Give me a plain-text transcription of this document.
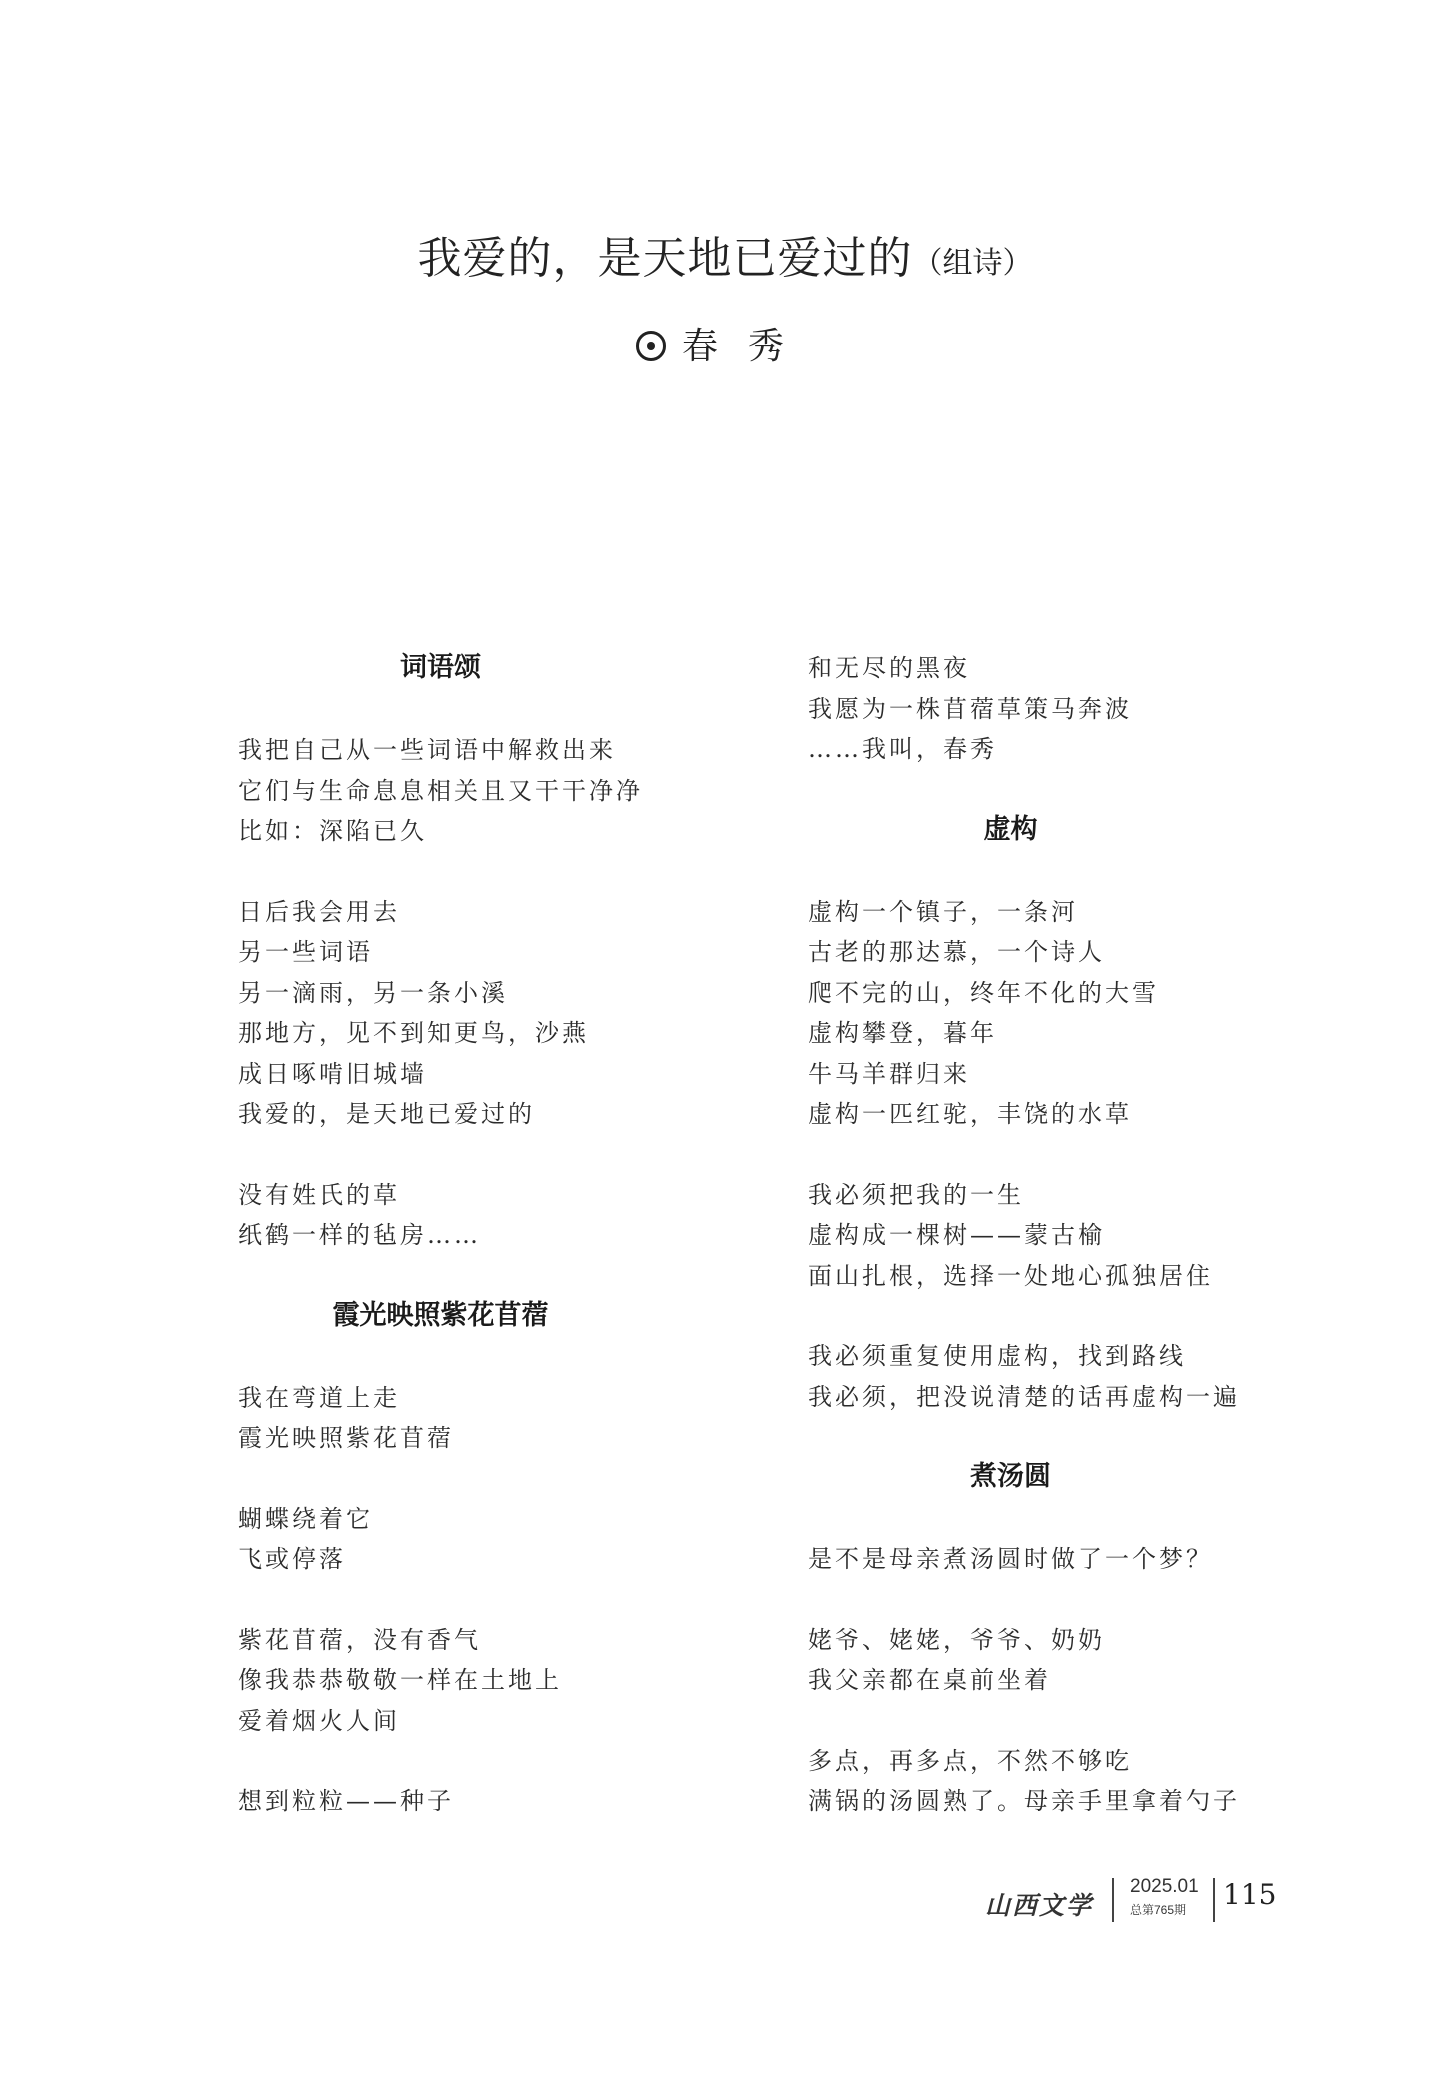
我爱的，是天地已爱过的（组诗）
春秀
词语颂
我把自己从一些词语中解救出来
它们与生命息息相关且又干干净净
比如：深陷已久
日后我会用去
另一些词语
另一滴雨，另一条小溪
那地方，见不到知更鸟，沙燕
成日啄啃旧城墙
我爱的，是天地已爱过的
没有姓氏的草
纸鹤一样的毡房……
霞光映照紫花苜蓿
我在弯道上走
霞光映照紫花苜蓿
蝴蝶绕着它
飞或停落
紫花苜蓿，没有香气
像我恭恭敬敬一样在土地上
爱着烟火人间
想到粒粒——种子
和无尽的黑夜
我愿为一株苜蓿草策马奔波
……我叫，春秀
虚构
虚构一个镇子，一条河
古老的那达慕，一个诗人
爬不完的山，终年不化的大雪
虚构攀登，暮年
牛马羊群归来
虚构一匹红驼，丰饶的水草
我必须把我的一生
虚构成一棵树——蒙古榆
面山扎根，选择一处地心孤独居住
我必须重复使用虚构，找到路线
我必须，把没说清楚的话再虚构一遍
煮汤圆
是不是母亲煮汤圆时做了一个梦？
姥爷、姥姥，爷爷、奶奶
我父亲都在桌前坐着
多点，再多点，不然不够吃
满锅的汤圆熟了。母亲手里拿着勺子
山西文学
2025.01
总第765期 115
